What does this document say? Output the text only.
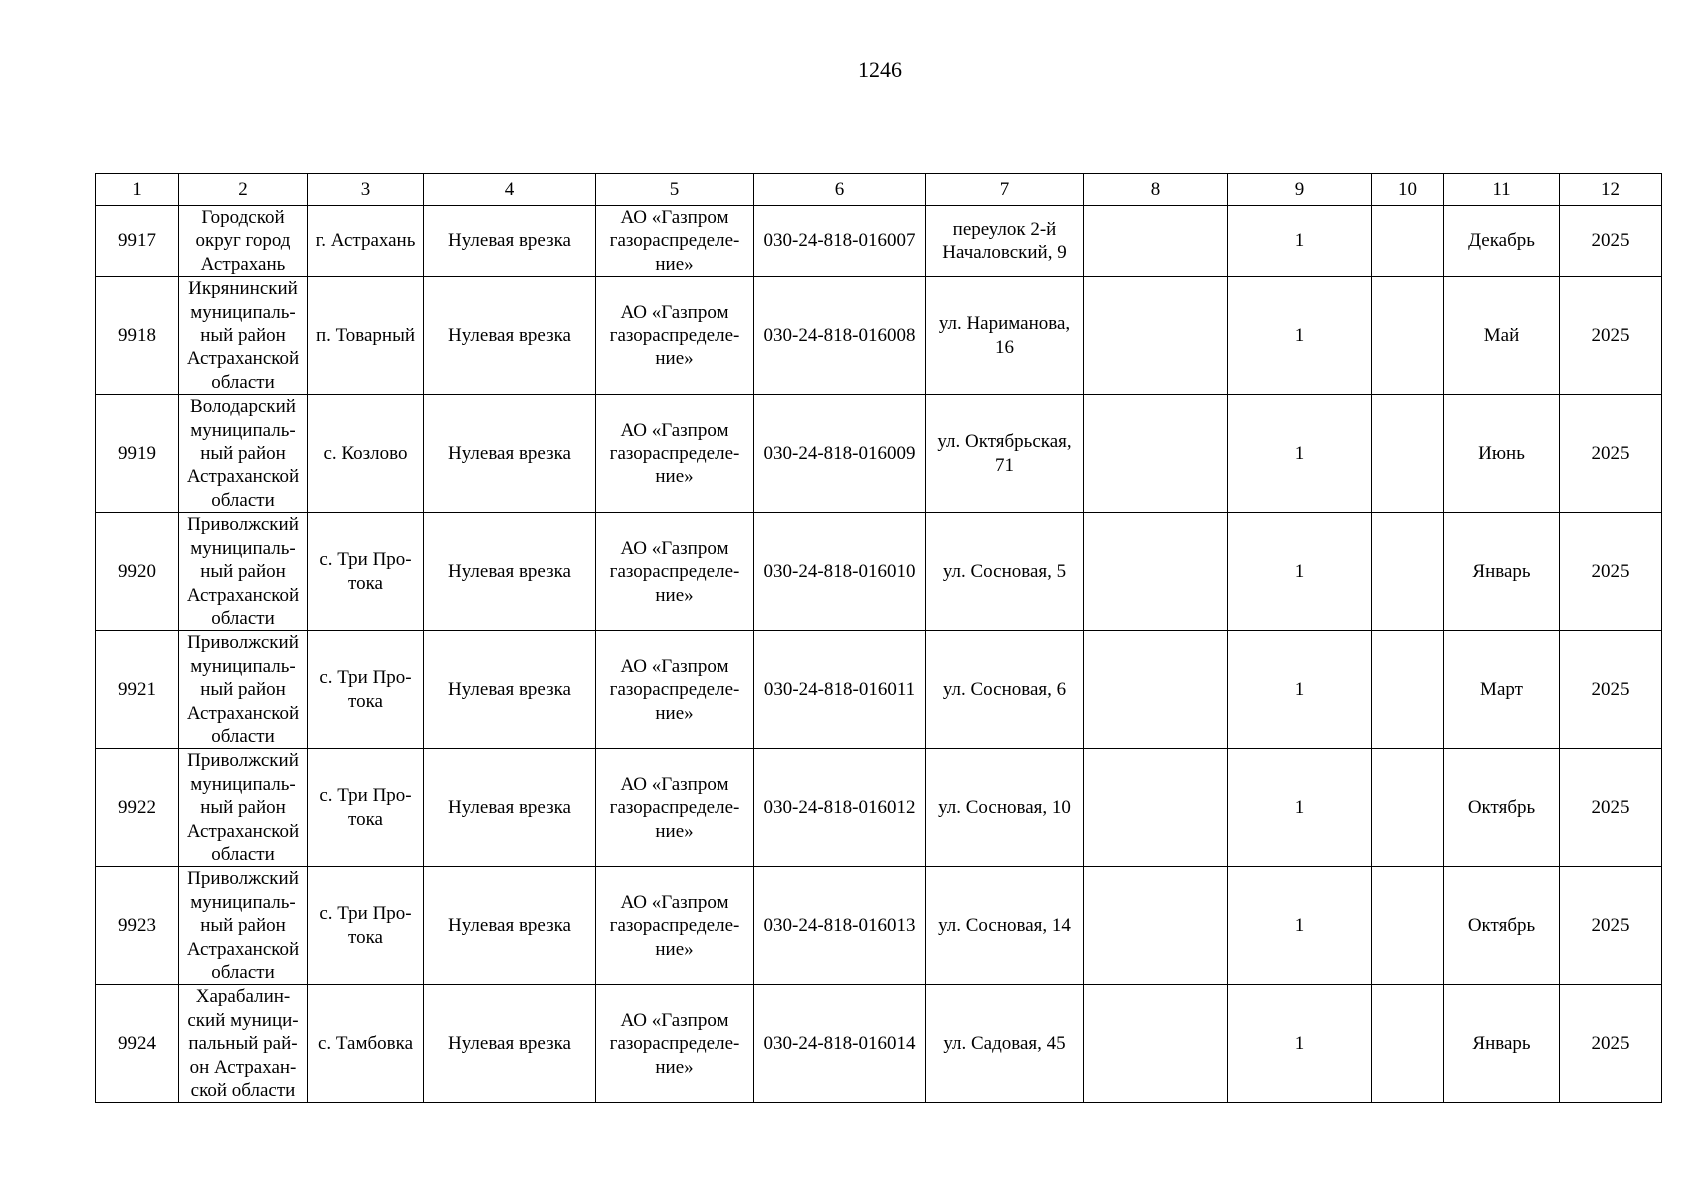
1246
1	2	3	4	5	6	7	8	9	10	11	12
9917	Городской
округ город
Астрахань	г. Астрахань	Нулевая врезка	АО «Газпром
газораспределе-
ние»	030-24-818-016007	переулок 2-й
Началовский, 9		1		Декабрь	2025
9918	Икрянинский
муниципаль-
ный район
Астраханской
области	п. Товарный	Нулевая врезка	АО «Газпром
газораспределе-
ние»	030-24-818-016008	ул. Нариманова,
16		1		Май	2025
9919	Володарский
муниципаль-
ный район
Астраханской
области	с. Козлово	Нулевая врезка	АО «Газпром
газораспределе-
ние»	030-24-818-016009	ул. Октябрьская,
71		1		Июнь	2025
9920	Приволжский
муниципаль-
ный район
Астраханской
области	с. Три Про-
тока	Нулевая врезка	АО «Газпром
газораспределе-
ние»	030-24-818-016010	ул. Сосновая, 5		1		Январь	2025
9921	Приволжский
муниципаль-
ный район
Астраханской
области	с. Три Про-
тока	Нулевая врезка	АО «Газпром
газораспределе-
ние»	030-24-818-016011	ул. Сосновая, 6		1		Март	2025
9922	Приволжский
муниципаль-
ный район
Астраханской
области	с. Три Про-
тока	Нулевая врезка	АО «Газпром
газораспределе-
ние»	030-24-818-016012	ул. Сосновая, 10		1		Октябрь	2025
9923	Приволжский
муниципаль-
ный район
Астраханской
области	с. Три Про-
тока	Нулевая врезка	АО «Газпром
газораспределе-
ние»	030-24-818-016013	ул. Сосновая, 14		1		Октябрь	2025
9924	Харабалин-
ский муници-
пальный рай-
он Астрахан-
ской области	с. Тамбовка	Нулевая врезка	АО «Газпром
газораспределе-
ние»	030-24-818-016014	ул. Садовая, 45		1		Январь	2025
